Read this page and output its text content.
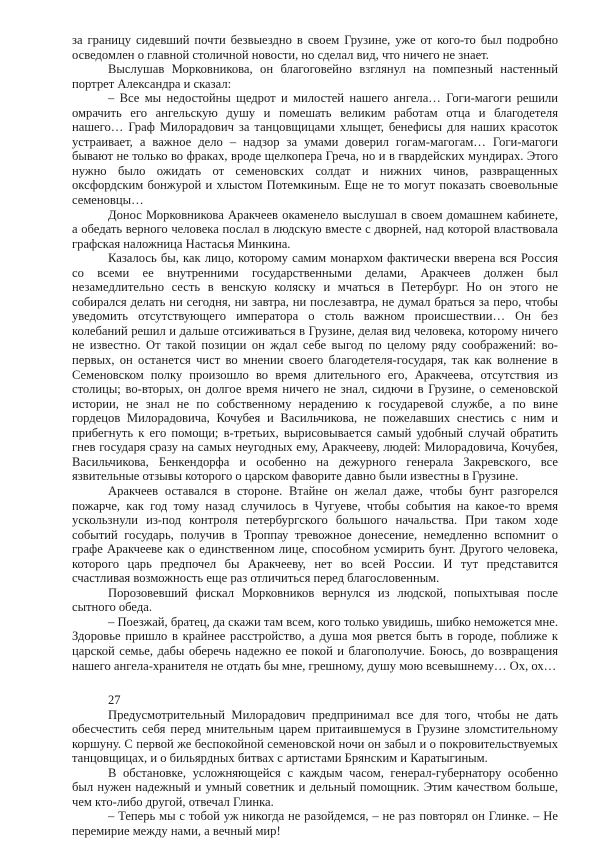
за границу сидевший почти безвыездно в своем Грузине, уже от кого-то был подробно осведомлен о главной столичной новости, но сделал вид, что ничего не знает.

Выслушав Морковникова, он благоговейно взглянул на помпезный настенный портрет Александра и сказал:

– Все мы недостойны щедрот и милостей нашего ангела… Гоги-магоги решили омрачить его ангельскую душу и помешать великим работам отца и благодетеля нашего… Граф Милорадович за танцовщицами хлыщет, бенефисы для наших красоток устраивает, а важное дело – надзор за умами доверил гогам-магогам… Гоги-магоги бывают не только во фраках, вроде щелкопера Греча, но и в гвардейских мундирах. Этого нужно было ожидать от семеновских солдат и нижних чинов, развращенных оксфордским бонжурой и хлыстом Потемкиным. Еще не то могут показать своевольные семеновцы…

Донос Морковникова Аракчеев окаменело выслушал в своем домашнем кабинете, а обедать верного человека послал в людскую вместе с дворней, над которой властвовала графская наложница Настасья Минкина.

Казалось бы, как лицо, которому самим монархом фактически вверена вся Россия со всеми ее внутренними государственными делами, Аракчеев должен был незамедлительно сесть в венскую коляску и мчаться в Петербург. Но он этого не собирался делать ни сегодня, ни завтра, ни послезавтра, не думал браться за перо, чтобы уведомить отсутствующего императора о столь важном происшествии… Он без колебаний решил и дальше отсиживаться в Грузине, делая вид человека, которому ничего не известно. От такой позиции он ждал себе выгод по целому ряду соображений: во-первых, он останется чист во мнении своего благодетеля-государя, так как волнение в Семеновском полку произошло во время длительного его, Аракчеева, отсутствия из столицы; во-вторых, он долгое время ничего не знал, сидючи в Грузине, о семеновской истории, не знал не по собственному нерадению к государевой службе, а по вине гордецов Милорадовича, Кочубея и Васильчикова, не пожелавших снестись с ним и прибегнуть к его помощи; в-третьих, вырисовывается самый удобный случай обратить гнев государя сразу на самых неугодных ему, Аракчееву, людей: Милорадовича, Кочубея, Васильчикова, Бенкендорфа и особенно на дежурного генерала Закревского, все язвительные отзывы которого о царском фаворите давно были известны в Грузине.

Аракчеев оставался в стороне. Втайне он желал даже, чтобы бунт разгорелся пожарче, как год тому назад случилось в Чугуеве, чтобы события на какое-то время ускользнули из-под контроля петербургского большого начальства. При таком ходе событий государь, получив в Троппау тревожное донесение, немедленно вспомнит о графе Аракчееве как о единственном лице, способном усмирить бунт. Другого человека, которого царь предпочел бы Аракчееву, нет во всей России. И тут представится счастливая возможность еще раз отличиться перед благословенным.

Порозовевший фискал Морковников вернулся из людской, попыхтывая после сытного обеда.

– Поезжай, братец, да скажи там всем, кого только увидишь, шибко неможется мне. Здоровье пришло в крайнее расстройство, а душа моя рвется быть в городе, поближе к царской семье, дабы оберечь надежно ее покой и благополучие. Боюсь, до возвращения нашего ангела-хранителя не отдать бы мне, грешному, душу мою всевышнему… Ох, ох…

27

Предусмотрительный Милорадович предпринимал все для того, чтобы не дать обесчестить себя перед мнительным царем притаившемуся в Грузине зломстительному коршуну. С первой же беспокойной семеновской ночи он забыл и о покровительствуемых танцовщицах, и о бильярдных битвах с артистами Брянским и Каратыгиным.

В обстановке, усложняющейся с каждым часом, генерал-губернатору особенно был нужен надежный и умный советник и дельный помощник. Этим качеством больше, чем кто-либо другой, отвечал Глинка.

– Теперь мы с тобой уж никогда не разойдемся, – не раз повторял он Глинке. – Не перемирие между нами, а вечный мир!
